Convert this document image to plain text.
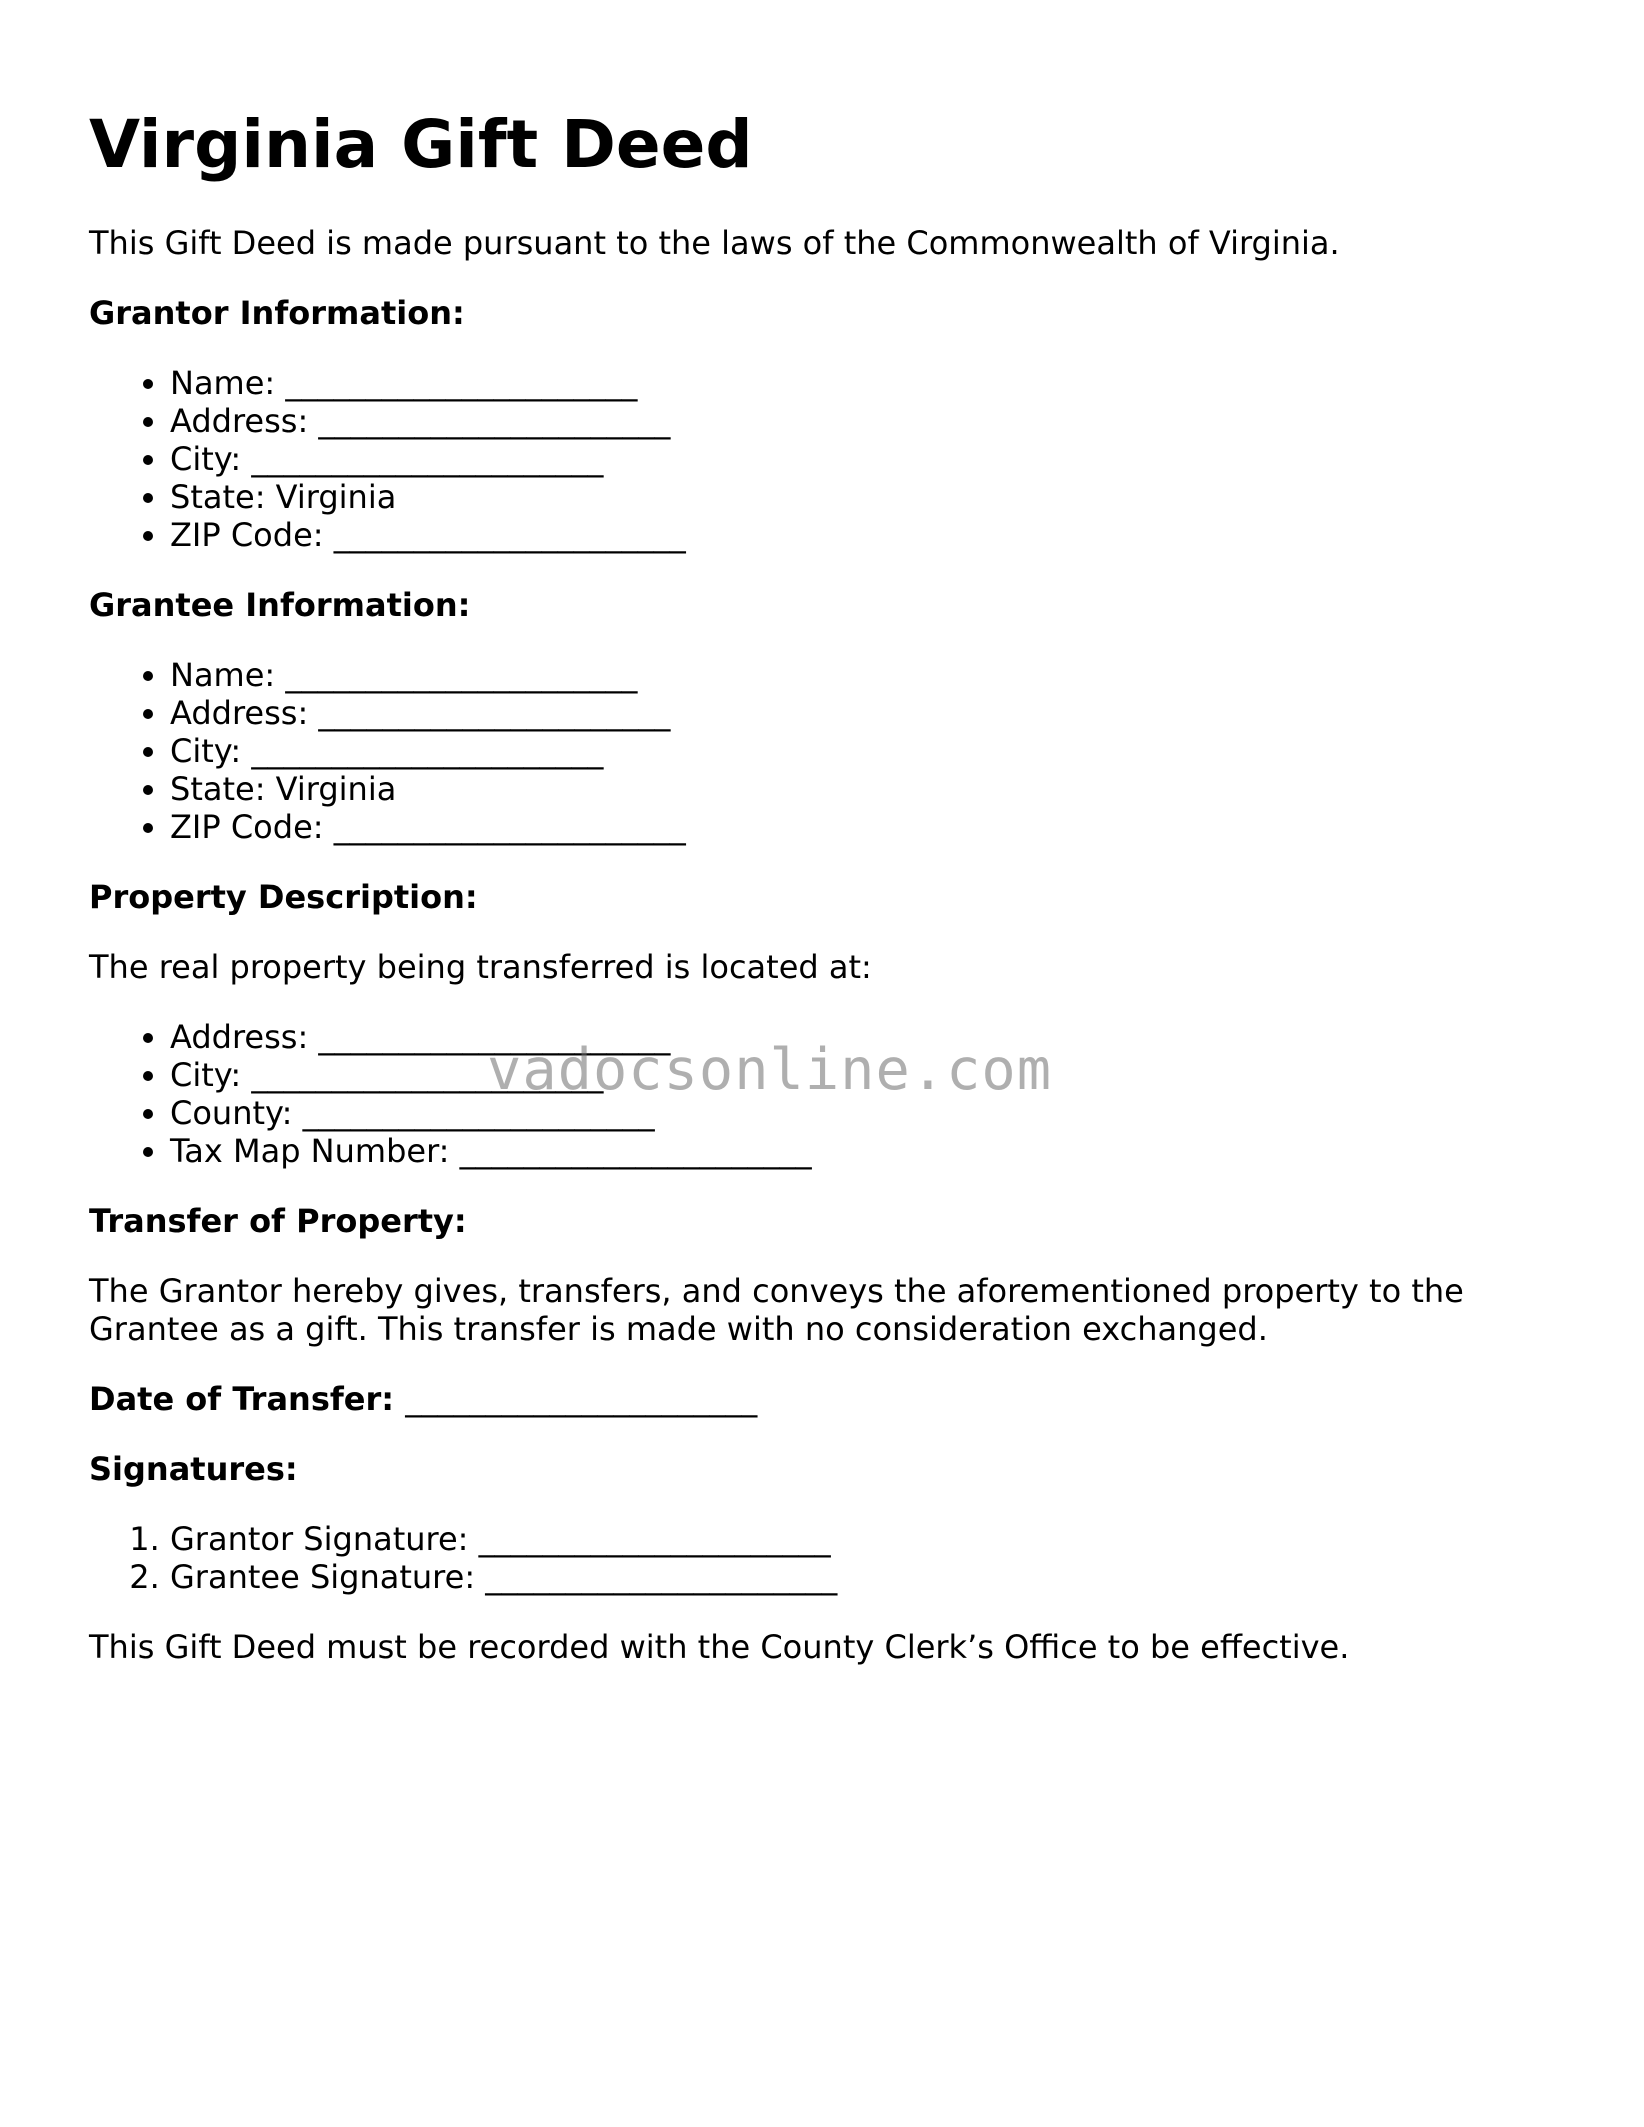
Virginia Gift Deed

This Gift Deed is made pursuant to the laws of the Commonwealth of Virginia.

Grantor Information:
• Name: ______________________
• Address: ______________________
• City: ______________________
• State: Virginia
• ZIP Code: ______________________
Grantee Information:
• Name: ______________________
• Address: ______________________
• City: ______________________
• State: Virginia
• ZIP Code: ______________________
Property Description:

The real property being transferred is located at:

• Address: ______________________
• City: ______________________
• County: ______________________
• Tax Map Number: ______________________
Transfer of Property:

The Grantor hereby gives, transfers, and conveys the aforementioned property to the Grantee as a gift. This transfer is made with no consideration exchanged.

Date of Transfer: ______________________
Signatures:
1. Grantor Signature: ______________________
2. Grantee Signature: ______________________

This Gift Deed must be recorded with the County Clerk’s Office to be effective.

vadocsonline.com
